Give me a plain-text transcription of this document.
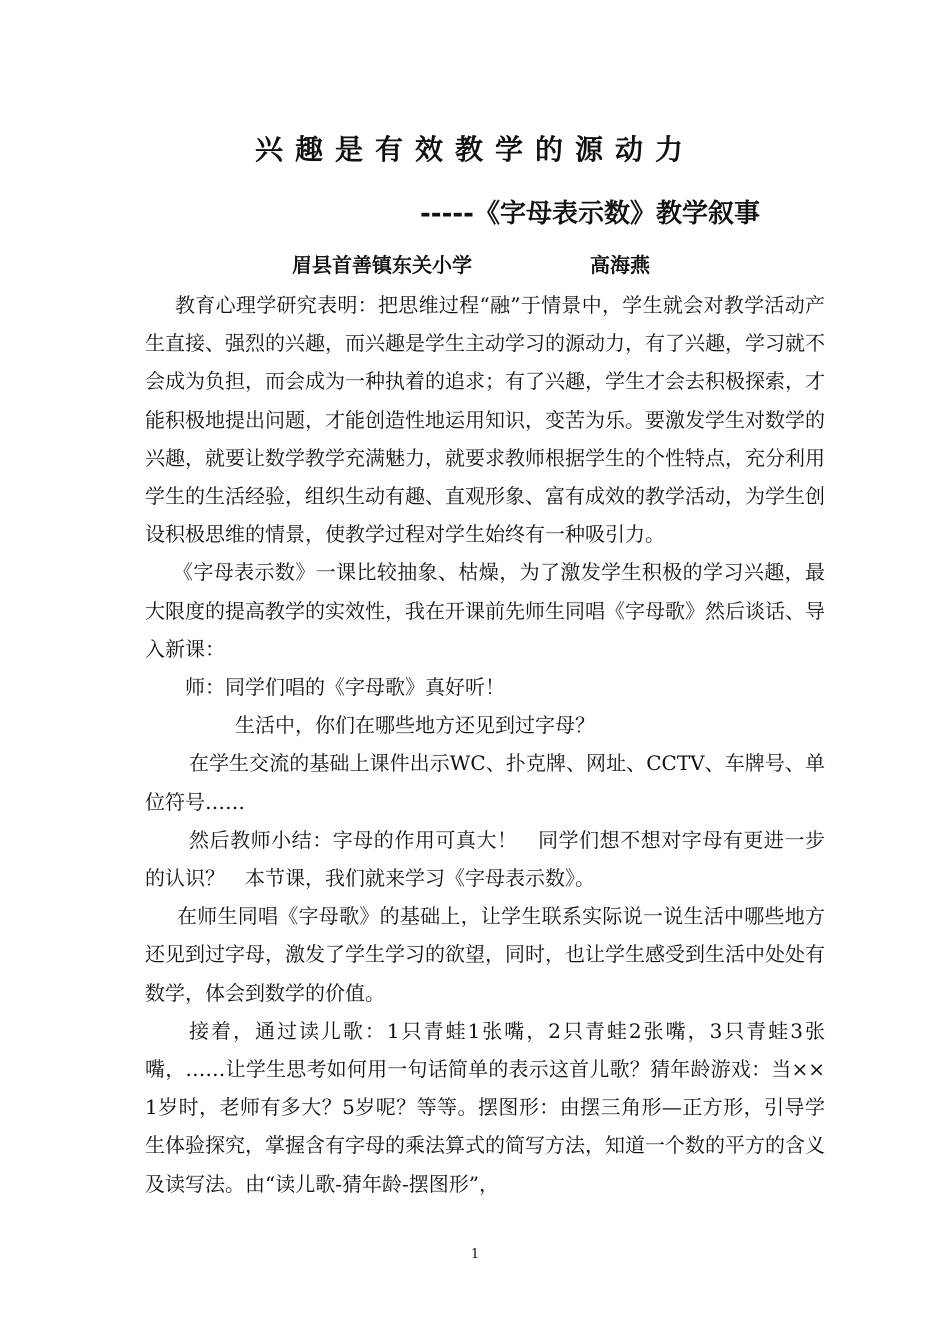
兴趣是有效教学的源动力
-----《字母表示数》教学叙事
眉县首善镇东关小学	高海燕

教育心理学研究表明：把思维过程“融”于情景中，学生就会对教学活动产生直接、强烈的兴趣，而兴趣是学生主动学习的源动力，有了兴趣，学习就不会成为负担，而会成为一种执着的追求；有了兴趣，学生才会去积极探索，才能积极地提出问题，才能创造性地运用知识，变苦为乐。要激发学生对数学的兴趣，就要让数学教学充满魅力，就要求教师根据学生的个性特点，充分利用学生的生活经验，组织生动有趣、直观形象、富有成效的教学活动，为学生创设积极思维的情景，使教学过程对学生始终有一种吸引力。

《字母表示数》一课比较抽象、枯燥，为了激发学生积极的学习兴趣，最大限度的提高教学的实效性，我在开课前先师生同唱《字母歌》然后谈话、导入新课：

师：同学们唱的《字母歌》真好听！

生活中，你们在哪些地方还见到过字母？

在学生交流的基础上课件出示WC、扑克牌、网址、CCTV、车牌号、单位符号……

然后教师小结：字母的作用可真大！　同学们想不想对字母有更进一步的认识？　本节课，我们就来学习《字母表示数》。

在师生同唱《字母歌》的基础上，让学生联系实际说一说生活中哪些地方还见到过字母，激发了学生学习的欲望，同时，也让学生感受到生活中处处有数学，体会到数学的价值。

接着，通过读儿歌：1只青蛙1张嘴，2只青蛙2张嘴，3只青蛙3张嘴，……让学生思考如何用一句话简单的表示这首儿歌？猜年龄游戏：当××1岁时，老师有多大？5岁呢？等等。摆图形：由摆三角形—正方形，引导学生体验探究，掌握含有字母的乘法算式的简写方法，知道一个数的平方的含义及读写法。由“读儿歌-猜年龄-摆图形”，

1
